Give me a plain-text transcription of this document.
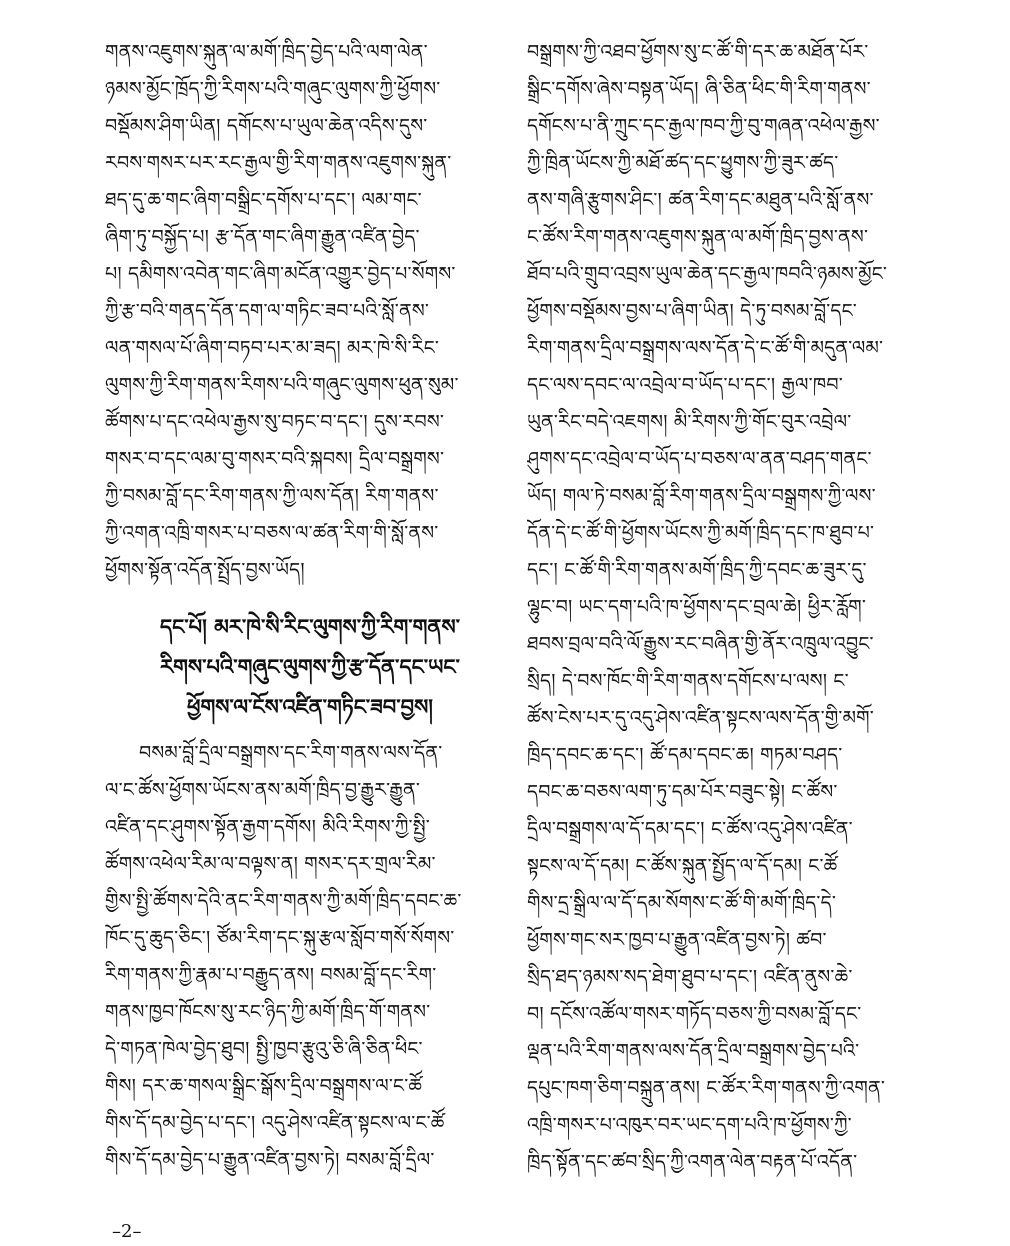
གནས་འཇུགས་སྐུན་ལ་མགོ་ཁྲིད་བྱེད་པའི་ལག་ལེན་
ཉམས་མྱོང་ཁྲོད་ཀྱི་རིགས་པའི་གཞུང་ལུགས་ཀྱི་ཕྱོགས་
བསྡོམས་ཤིག་ཡིན། དགོངས་པ་ཡུལ་ཆེན་འདིས་དུས་
རབས་གསར་པར་རང་རྒྱལ་གྱི་རིག་གནས་འཇུགས་སྐུན་
ཐད་དུ་ཆ་གང་ཞིག་བསྒྲིང་དགོས་པ་དང་། ལམ་གང་
ཞིག་ཏུ་བསྐྱོད་པ། རྩ་དོན་གང་ཞིག་རྒྱུན་འཛིན་བྱེད་
པ། དམིགས་འབེན་གང་ཞིག་མངོན་འགྱུར་བྱེད་པ་སོགས་
ཀྱི་རྩ་བའི་གནད་དོན་དག་ལ་གཏིང་ཟབ་པའི་སློ་ནས་
ལན་གསལ་པོ་ཞིག་བཏབ་པར་མ་ཟད། མར་ཁེ་སི་རིང་
ལུགས་ཀྱི་རིག་གནས་རིགས་པའི་གཞུང་ལུགས་ཕུན་སུམ་
ཚོགས་པ་དང་འཕེལ་རྒྱས་སུ་བཏང་བ་དང་། དུས་རབས་
གསར་བ་དང་ལམ་བུ་གསར་བའི་སྐབས། དྲིལ་བསྒྲགས་
ཀྱི་བསམ་བློ་དང་རིག་གནས་ཀྱི་ལས་དོན། རིག་གནས་
ཀྱི་འགན་འཁྲི་གསར་པ་བཅས་ལ་ཚན་རིག་གི་སློ་ནས་
ཕྱོགས་སྟོན་འདོན་སྤྲོད་བྱས་ཡོད།
དང་པོ། མར་ཁེ་སི་རིང་ལུགས་ཀྱི་རིག་གནས་
རིགས་པའི་གཞུང་ལུགས་ཀྱི་རྩ་དོན་དང་ཡང་
ཕྱོགས་ལ་ངོས་འཛིན་གཏིང་ཟབ་བྱས།
བསམ་བློ་དྲིལ་བསྒྲགས་དང་རིག་གནས་ལས་དོན་
ལ་ང་ཚོས་ཕྱོགས་ཡོངས་ནས་མགོ་ཁྲིད་བྱ་རྒྱུར་རྒྱུན་
འཛིན་དང་ཤུགས་སྟོན་རྒྱག་དགོས། མིའི་རིགས་ཀྱི་སྤྱི་
ཚོགས་འཕེལ་རིམ་ལ་བལྟས་ན། གསར་དར་གྲལ་རིམ་
གྱིས་སྤྱི་ཚོགས་དེའི་ནང་རིག་གནས་ཀྱི་མགོ་ཁྲིད་དབང་ཆ་
ཁོང་དུ་ཆུད་ཅིང་། ཙོམ་རིག་དང་སྐུ་རྩལ་སློབ་གསོ་སོགས་
རིག་གནས་ཀྱི་རྣམ་པ་བརྒྱུད་ནས། བསམ་བློ་དང་རིག་
གནས་ཁྱབ་ཁོངས་སུ་རང་ཉིད་ཀྱི་མགོ་ཁྲིད་གོ་གནས་
དེ་གཏན་ཁེལ་བྱེད་ཐུབ། སྤྱི་ཁྱབ་རྩུའུ་ཅི་ཞི་ཅིན་ཕིང་
གིས། དར་ཆ་གསལ་སྒྲིང་སྒོས་དྲིལ་བསྒྲགས་ལ་ང་ཚོ
གིས་དོ་དམ་བྱེད་པ་དང་། འདུ་ཤེས་འཛིན་སྟངས་ལ་ང་ཚོ
གིས་དོ་དམ་བྱེད་པ་རྒྱུན་འཛིན་བྱས་ཏེ། བསམ་བློ་དྲིལ་
བསྒྲགས་ཀྱི་འཐབ་ཕྱོགས་སུ་ང་ཚོ་གི་དར་ཆ་མཐོན་པོར་
སྒྲིང་དགོས་ཞེས་བསྟན་ཡོད། ཞི་ཅིན་ཕིང་གི་རིག་གནས་
དགོངས་པ་ནི་ཀྲུང་དང་རྒྱལ་ཁབ་ཀྱི་བུ་གཞན་འཕེལ་རྒྱས་
ཀྱི་ཁྲིན་ཡོངས་ཀྱི་མཐོ་ཚད་དང་ཕྱུགས་ཀྱི་ཟུར་ཚད་
ནས་གཞི་རྩུགས་ཤིང་། ཚན་རིག་དང་མཐུན་པའི་སློ་ནས་
ང་ཚོས་རིག་གནས་འཇུགས་སྐུན་ལ་མགོ་ཁྲིད་བྱས་ནས་
ཐོབ་པའི་གྲུབ་འབྲས་ཡུལ་ཆེན་དང་རྒྱལ་ཁབའི་ཉམས་མྱོང་
ཕྱོགས་བསྡོམས་བྱས་པ་ཞིག་ཡིན། དེ་ཏུ་བསམ་བློ་དང་
རིག་གནས་དྲིལ་བསྒྲགས་ལས་དོན་དེ་ང་ཚོ་གི་མདུན་ལམ་
དང་ལས་དབང་ལ་འབྲེལ་བ་ཡོད་པ་དང་། རྒྱལ་ཁབ་
ཡུན་རིང་བདེ་འཇགས། མི་རིགས་ཀྱི་གོང་བུར་འབྲེལ་
ཤུགས་དང་འབྲེལ་བ་ཡོད་པ་བཅས་ལ་ནན་བཤད་གནང་
ཡོད། གལ་ཏེ་བསམ་བློ་རིག་གནས་དྲིལ་བསྒྲགས་ཀྱི་ལས་
དོན་དེ་ང་ཚོ་གི་ཕྱོགས་ཡོངས་ཀྱི་མགོ་ཁྲིད་དང་ཁ་ཐུབ་པ་
དང་། ང་ཚོ་གི་རིག་གནས་མགོ་ཁྲིད་ཀྱི་དབང་ཆ་ཟུར་དུ་
ལྷུང་བ། ཡང་དག་པའི་ཁ་ཕྱོགས་དང་བྲལ་ཆེ། ཕྱིར་རློག་
ཐབས་བྲལ་བའི་ལོ་རྒྱུས་རང་བཞིན་གྱི་ནོར་འཁྲུལ་འབྱུང་
སྲིད། དེ་བས་ཁོང་གི་རིག་གནས་དགོངས་པ་ལས། ང་
ཚོས་ངེས་པར་དུ་འདུ་ཤེས་འཛིན་སྟངས་ལས་དོན་གྱི་མགོ་
ཁྲིད་དབང་ཆ་དང་། ཚོ་དམ་དབང་ཆ། གཏམ་བཤད་
དབང་ཆ་བཅས་ལག་ཏུ་དམ་པོར་བཟུང་སྟེ། ང་ཚོས་
དྲིལ་བསྒྲགས་ལ་དོ་དམ་དང་། ང་ཚོས་འདུ་ཤེས་འཛིན་
སྟངས་ལ་དོ་དམ། ང་ཚོས་སྐུན་སྤྱོད་ལ་དོ་དམ། ང་ཚོ
གིས་དྲ་སྒྲིལ་ལ་དོ་དམ་སོགས་ང་ཚོ་གི་མགོ་ཁྲིད་དེ་
ཕྱོགས་གང་སར་ཁྱབ་པ་རྒྱུན་འཛིན་བྱས་ཏེ། ཚབ་
སྲིད་ཐད་ཉམས་སད་ཐེག་ཐུབ་པ་དང་། འཛིན་ནུས་ཆེ་
བ། དངོས་འཚོལ་གསར་གཏོད་བཅས་ཀྱི་བསམ་བློ་དང་
ལྡན་པའི་རིག་གནས་ལས་དོན་དྲིལ་བསྒྲགས་བྱེད་པའི་
དཔུང་ཁག་ཅིག་བསྐྲུན་ནས། ང་ཚོར་རིག་གནས་ཀྱི་འགན་
འཁྲི་གསར་པ་འཁུར་བར་ཡང་དག་པའི་ཁ་ཕྱོགས་ཀྱི་
ཁྲིད་སྟོན་དང་ཚབ་སྲིད་ཀྱི་འགན་ལེན་བརྟན་པོ་འདོན་
–2–
